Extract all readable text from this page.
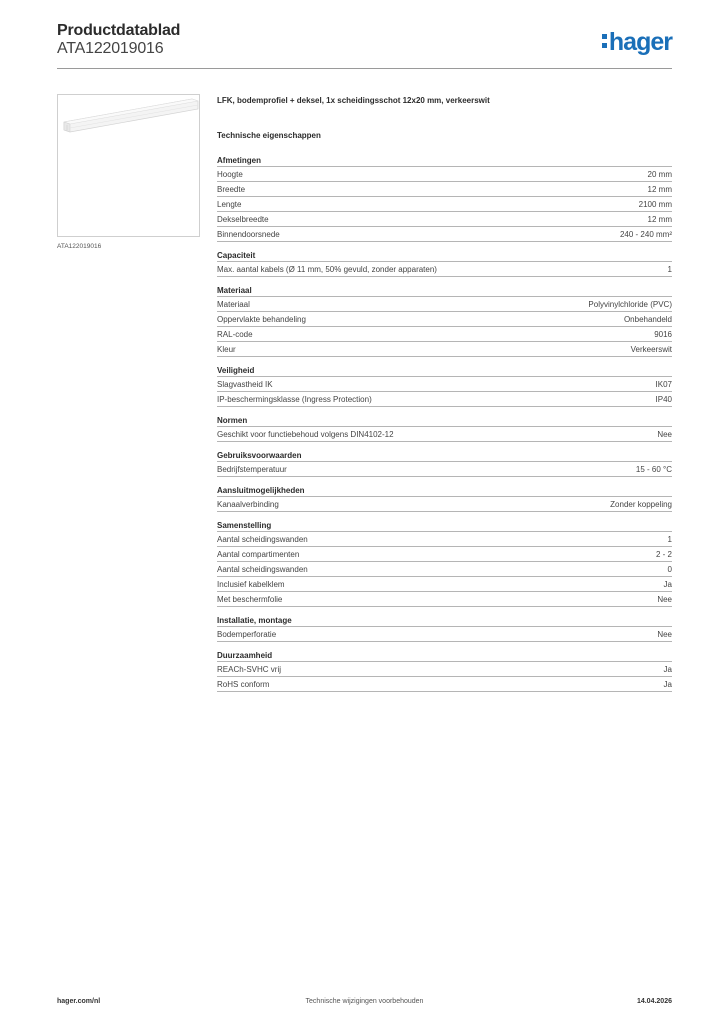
Productdatablad
ATA122019016	hager
ATA122019016
LFK, bodemprofiel + deksel, 1x scheidingsschot 12x20 mm, verkeerswit
Technische eigenschappen
Afmetingen
Hoogte	20 mm
Breedte	12 mm
Lengte	2100 mm
Dekselbreedte	12 mm
Binnendoorsnede	240 - 240 mm²
Capaciteit
Max. aantal kabels (Ø 11 mm, 50% gevuld, zonder apparaten)	1
Materiaal
Materiaal	Polyvinylchloride (PVC)
Oppervlakte behandeling	Onbehandeld
RAL-code	9016
Kleur	Verkeerswit
Veiligheid
Slagvastheid IK	IK07
IP-beschermingsklasse (Ingress Protection)	IP40
Normen
Geschikt voor functiebehoud volgens DIN4102-12	Nee
Gebruiksvoorwaarden
Bedrijfstemperatuur	15 - 60 °C
Aansluitmogelijkheden
Kanaalverbinding	Zonder koppeling
Samenstelling
Aantal scheidingswanden	1
Aantal compartimenten	2 - 2
Aantal scheidingswanden	0
Inclusief kabelklem	Ja
Met beschermfolie	Nee
Installatie, montage
Bodemperforatie	Nee
Duurzaamheid
REACh-SVHC vrij	Ja
RoHS conform	Ja
hager.com/nl	Technische wijzigingen voorbehouden	14.04.2026
